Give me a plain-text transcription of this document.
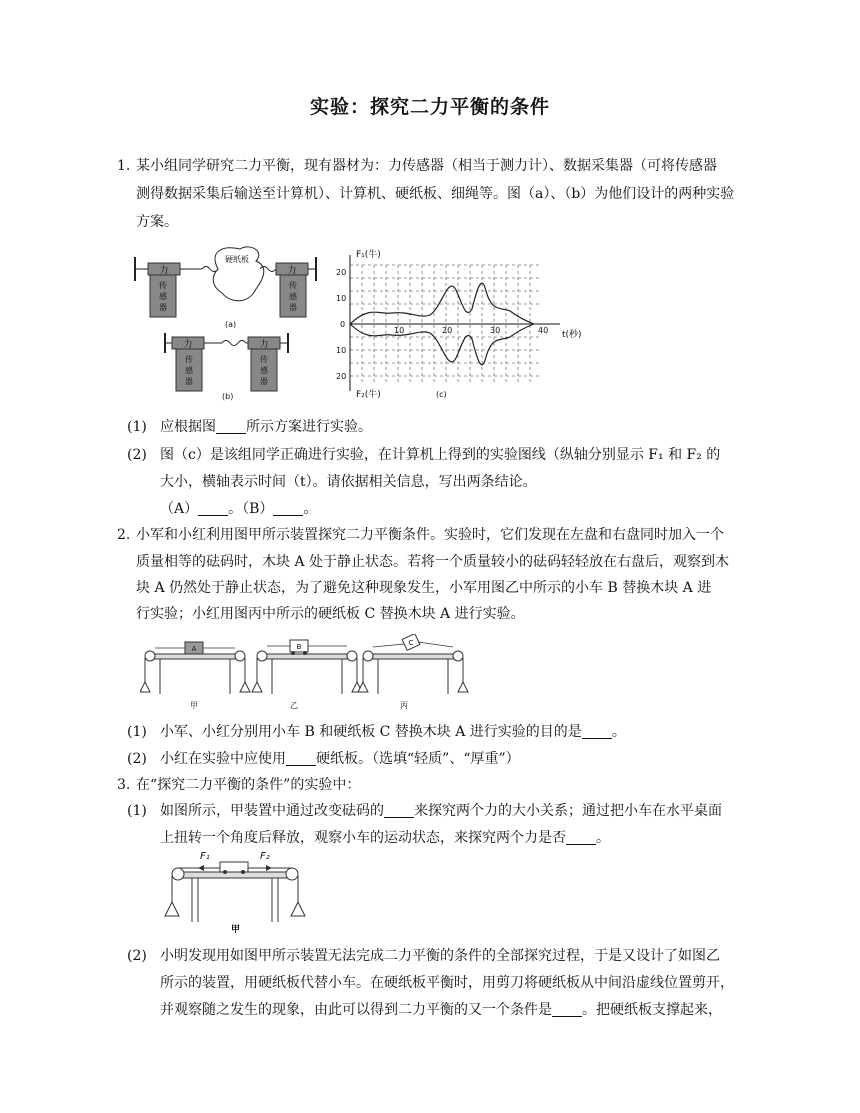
实验：探究二力平衡的条件
1. 某小组同学研究二力平衡，现有器材为：力传感器（相当于测力计）、数据采集器（可将传感器
测得数据采集后输送至计算机）、计算机、硬纸板、细绳等。图（a）、（b）为他们设计的两种实验
方案。
力
传
感
器
硬纸板
力
传
感
器
(a)
力
传
感
器
力
传
感
器
(b)
F₁(牛)
F₂(牛)
t(秒)
20
10
0
10
20
10	20	30	40
(c)
(1) 应根据图 所示方案进行实验。
(2) 图（c）是该组同学正确进行实验，在计算机上得到的实验图线（纵轴分别显示 F₁ 和 F₂ 的
大小，横轴表示时间（t）。请依据相关信息，写出两条结论。
（A） 。（B） 。
2. 小军和小红利用图甲所示装置探究二力平衡条件。实验时，它们发现在左盘和右盘同时加入一个
质量相等的砝码时，木块 A 处于静止状态。若将一个质量较小的砝码轻轻放在右盘后，观察到木
块 A 仍然处于静止状态，为了避免这种现象发生，小军用图乙中所示的小车 B 替换木块 A 进
行实验；小红用图丙中所示的硬纸板 C 替换木块 A 进行实验。
A
甲
B
乙
C
丙
(1) 小军、小红分别用小车 B 和硬纸板 C 替换木块 A 进行实验的目的是 。
(2) 小红在实验中应使用 硬纸板。（选填“轻质”、“厚重”）
3. 在“探究二力平衡的条件”的实验中：
(1) 如图所示，甲装置中通过改变砝码的 来探究两个力的大小关系；通过把小车在水平桌面
上扭转一个角度后释放，观察小车的运动状态，来探究两个力是否 。
F₁	F₂
甲
(2) 小明发现用如图甲所示装置无法完成二力平衡的条件的全部探究过程，于是又设计了如图乙
所示的装置，用硬纸板代替小车。在硬纸板平衡时，用剪刀将硬纸板从中间沿虚线位置剪开，
并观察随之发生的现象，由此可以得到二力平衡的又一个条件是 。把硬纸板支撑起来，
